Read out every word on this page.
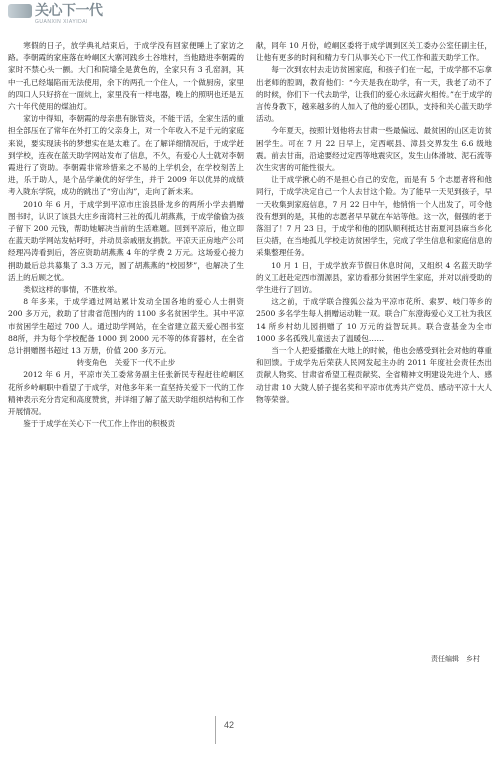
关心下一代
GUANXIN XIAYIDAI

寒假的日子，放学典礼结束后，于成学没有回家便睡上了家访之路。李朝霞的家座落在岭峒区大寨河践乡土谷堆村，当他踏进李朝霞的家时不禁心头一颤。大门和院墙全是黄色的，全家只有 3 孔窑洞，其中一孔已经塌陷而无法使用，余下的两孔一个住人，一个做厨房，家里的四口人只好挤在一面炕上，家里没有一样电器，晚上的照明也还是五六十年代使用的煤油灯。

家访中得知，李朝霞的母亲患有脉管炎，不能干活，全家生活的重担全部压在了常年在外打工的父亲身上，对一个年收入不足千元的家庭来说，要实现读书的梦想实在是太难了。在了解详细情况后，于成学赶到学校，连夜在蓝天助学网站发布了信息，不久，有爱心人士就对李朝霞进行了资助。李朝霞非常珍惜来之不易的上学机会，在学校刻苦上进，乐于助人，是个品学兼优的好学生，并于 2009 年以优异的成绩考入陇东学院，成功的跳出了“穷山沟”，走向了新未来。

2010 年 6 月，于成学到平凉市庄浪县卧龙乡的两所小学去捐赠图书时，认识了该县大庄乡南湾村三社的孤儿胡燕燕，于成学偷偷为孩子留下 200 元钱，帮助她解决当前的生活难题。回到平凉后，他立即在蓝天助学网站发帖呼吁，并动员亲戚朋友捐款。平凉天正房地产公司经理冯涛看到后，答应资助胡燕燕 4 年的学费 2 万元。这场爱心接力捐助最后总共募集了 3.3 万元，圆了胡燕燕的“校园梦”，也解决了生活上的后顾之忧。

类似这样的事情，不胜枚举。

8 年多来，于成学通过网站累计发动全国各地的爱心人士捐资 200 多万元，救助了甘肃省范围内的 1100 多名贫困学生。其中平凉市贫困学生超过 700 人。通过助学网站，在全省建立蓝天爱心图书室 88所，并为每个学校配备 1000 到 2000 元不等的体育器材，在全省总计捐赠图书超过 13 万册，价值 200 多万元。

转变角色　关爱下一代不止步

2012 年 6 月，平凉市关工委常务副主任张新民专程赶往崆峒区花所乡岭峒职中看望了于成学，对他多年来一直坚持关爱下一代的工作精神表示充分肯定和高度赞赏，并详细了解了蓝天助学组织结构和工作开展情况。

鉴于于成学在关心下一代工作上作出的积极贡

献，同年 10 月份，崆峒区委将于成学调到区关工委办公室任副主任，让他有更多的时间和精力专门从事关心下一代工作和蓝天助学工作。

每一次到农村去走访贫困家庭，和孩子们在一起，于成学都不忘拿出老师的腔调，教育他们：“今天是我在助学，有一天，我老了动不了的时候，你们下一代去助学，让我们的爱心永远薪火相传。”在于成学的言传身教下，越来越多的人加入了他的爱心团队，支持和关心蓝天助学活动。

今年夏天，按照计划他将去甘肃一些最偏远、最贫困的山区走访贫困学生。可在 7 月 22 日早上，定西岷县、漳县交界发生 6.6 级地震。前去甘南，沿途要经过定西等地震灾区，发生山体滑坡、泥石流等次生灾害的可能性很大。

让于成学揪心的不是担心自己的安危，而是有 5 个志愿者将和他同行，于成学决定自己一个人去甘这个险。为了能早一天见到孩子，早一天收集到家庭信息，7 月 22 日中午，他悄悄一个人出发了，可令他没有想到的是，其他的志愿者早早就在车站等他。这一次，倔强的老于落泪了！7 月 23 日，于成学和他的团队顺利抵达甘南夏河县麻当乡化巨尖措，在当地孤儿学校走访贫困学生，完成了学生信息和家庭信息的采集整理任务。

10 月 1 日，于成学放弃节假日休息时间，又组织 4 名蓝天助学的义工赶赴定西市渭源县，家访看那分贫困学生家庭，并对以前受助的学生进行了回访。

这之前，于成学联合搜狐公益为平凉市花所、索罗、岐门等乡的 2500 多名学生每人捐赠运动鞋一双。联合广东澄海爱心义工社为我区 14 所乡村幼儿园捐赠了 10 万元的益智玩具。联合壹基金为全市 1000 多名孤残儿童送去了温暖包……

当一个人把爱播撒在大地上的时候，他也会感受到社会对他的尊重和回馈。于成学先后荣获人民网发起主办的 2011 年度社会责任杰出贡献人物奖、甘肃省希望工程贡献奖、全省精神文明建设先进个人、感动甘肃 10 大陇人骄子提名奖和平凉市优秀共产党员、感动平凉十大人物等荣誉。

责任编辑　乡村
42
